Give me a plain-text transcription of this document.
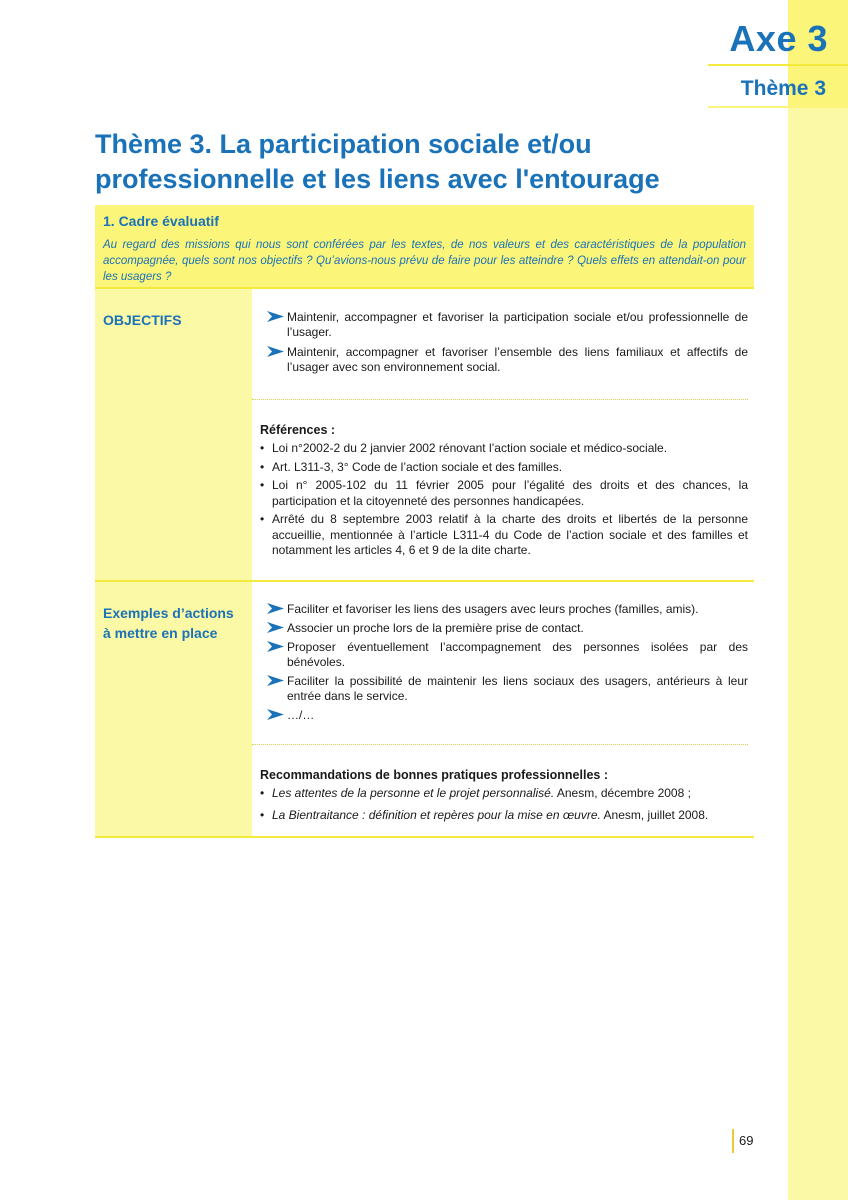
Axe 3
Thème 3
Thème 3. La participation sociale et/ou professionnelle et les liens avec l'entourage
1. Cadre évaluatif
Au regard des missions qui nous sont conférées par les textes, de nos valeurs et des caractéristiques de la population accompagnée, quels sont nos objectifs ? Qu’avions-nous prévu de faire pour les atteindre ? Quels effets en attendait-on pour les usagers ?
OBJECTIFS	Maintenir, accompagner et favoriser la participation sociale et/ou professionnelle de l’usager.
Maintenir, accompagner et favoriser l’ensemble des liens familiaux et affectifs de l’usager avec son environnement social.
Références :
• Loi n°2002-2 du 2 janvier 2002 rénovant l’action sociale et médico-sociale.
• Art. L311-3, 3° Code de l’action sociale et des familles.
• Loi n° 2005-102 du 11 février 2005 pour l’égalité des droits et des chances, la participation et la citoyenneté des personnes handicapées.
• Arrêté du 8 septembre 2003 relatif à la charte des droits et libertés de la personne accueillie, mentionnée à l’article L311-4 du Code de l’action sociale et des familles et notamment les articles 4, 6 et 9 de la dite charte.
Exemples d’actions
à mettre en place
Faciliter et favoriser les liens des usagers avec leurs proches (familles, amis).
Associer un proche lors de la première prise de contact.
Proposer éventuellement l’accompagnement des personnes isolées par des bénévoles.
Faciliter la possibilité de maintenir les liens sociaux des usagers, antérieurs à leur entrée dans le service.
…/…
Recommandations de bonnes pratiques professionnelles :
• Les attentes de la personne et le projet personnalisé. Anesm, décembre 2008 ;
• La Bientraitance : définition et repères pour la mise en œuvre. Anesm, juillet 2008.
69
